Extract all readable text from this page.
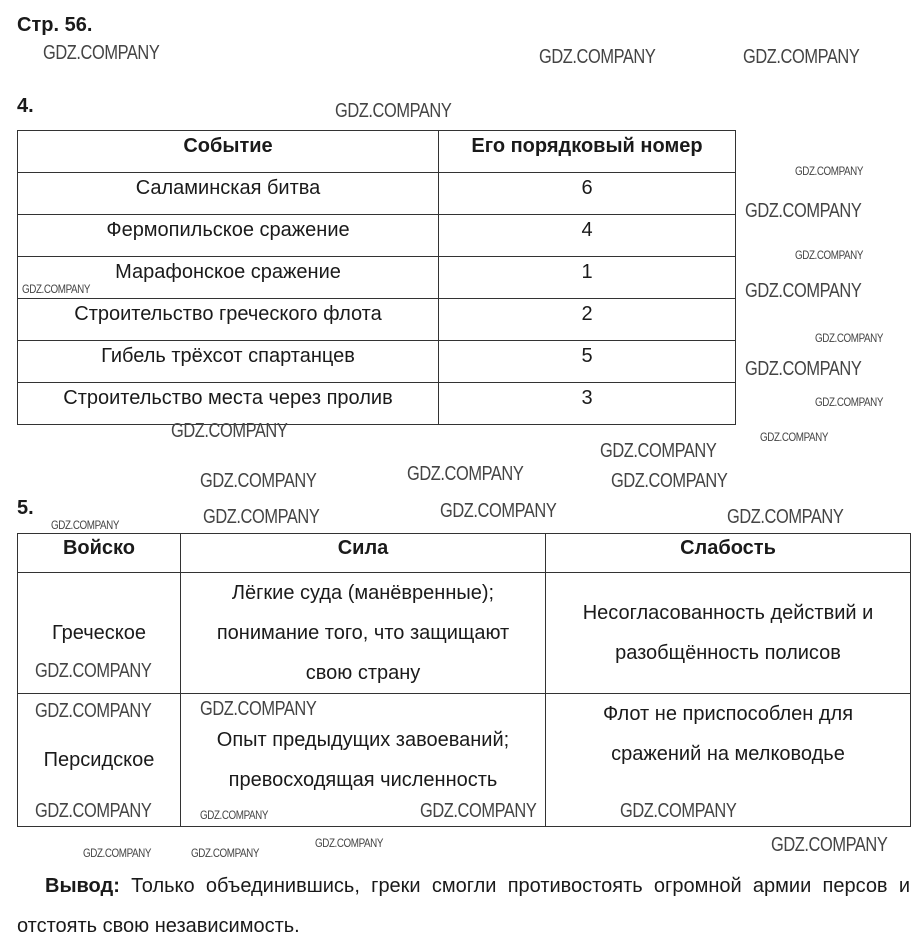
Стр. 56.
4.
Событие	Его порядковый номер
Саламинская битва	6
Фермопильское сражение	4
Марафонское сражение	1
Строительство греческого флота	2
Гибель трёхсот спартанцев	5
Строительство места через пролив	3
5.
Войско	Сила	Слабость
Греческое	Лёгкие суда (манёвренные); понимание того, что защищают свою страну	Несогласованность действий и разобщённость полисов
Персидское	Опыт предыдущих завоеваний; превосходящая численность	Флот не приспособлен для сражений на мелководье
Вывод: Только объединившись, греки смогли противостоять огромной армии персов и отстоять свою независимость.
GDZ.COMPANY	GDZ.COMPANY	GDZ.COMPANY
GDZ.COMPANY
GDZ.COMPANY
GDZ.COMPANY
GDZ.COMPANY
GDZ.COMPANY
GDZ.COMPANY
GDZ.COMPANY
GDZ.COMPANY
GDZ.COMPANY
GDZ.COMPANY
GDZ.COMPANY
GDZ.COMPANY
GDZ.COMPANY
GDZ.COMPANY
GDZ.COMPANY
GDZ.COMPANY	GDZ.COMPANY	GDZ.COMPANY
GDZ.COMPANY
GDZ.COMPANY
GDZ.COMPANY
GDZ.COMPANY
GDZ.COMPANY
GDZ.COMPANY
GDZ.COMPANY	GDZ.COMPANY
GDZ.COMPANY	GDZ.COMPANY
GDZ.COMPANY	GDZ.COMPANY
